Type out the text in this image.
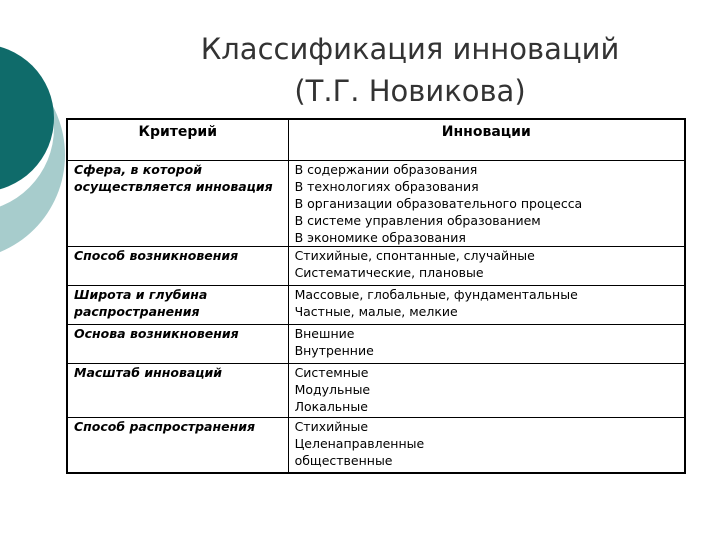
Классификация инноваций
(Т.Г. Новикова)
Критерий	Инновации
Сфера, в которой осуществляется инновация	В содержании образования
В технологиях образования
В организации образовательного процесса
В системе управления образованием
В экономике образования

Способ возникновения	Стихийные, спонтанные, случайные
Систематические, плановые

Широта и глубина распространения	Массовые, глобальные, фундаментальные
Частные, малые, мелкие

Основа возникновения	Внешние
Внутренние

Масштаб инноваций	Системные
Модульные
Локальные

Способ распространения	Стихийные
Целенаправленные
общественные
